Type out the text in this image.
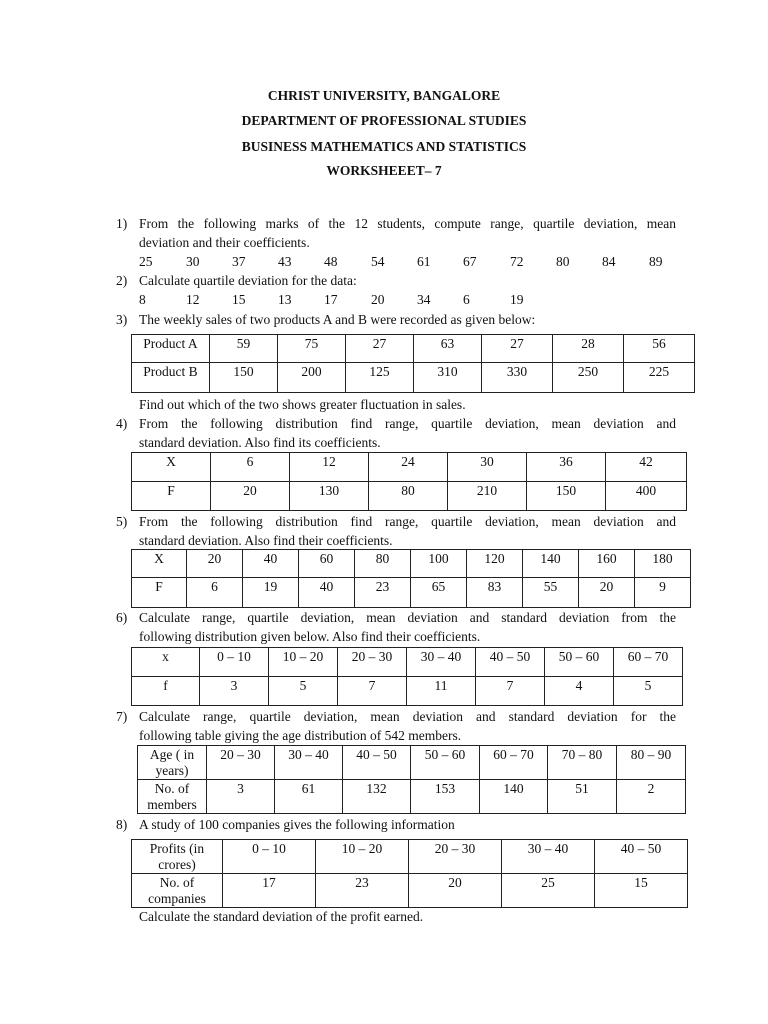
CHRIST UNIVERSITY, BANGALORE
DEPARTMENT OF PROFESSIONAL STUDIES
BUSINESS MATHEMATICS AND STATISTICS
WORKSHEEET– 7
1) From the following marks of the 12 students, compute range, quartile deviation, mean
deviation and their coefficients.
25 30 37 43 48 54 61 67 72 80 84 89
2) Calculate quartile deviation for the data:
8	12 15 13 17 20 34 6	19
3) The weekly sales of two products A and B were recorded as given below:
Product A	59	75	27	63	27	28	56
Product B	150	200	125	310	330	250	225
Find out which of the two shows greater fluctuation in sales.
4) From the following distribution find range, quartile deviation, mean deviation and
standard deviation. Also find its coefficients.
X	6	12	24	30	36	42
F	20	130	80	210	150	400
5) From the following distribution find range, quartile deviation, mean deviation and
standard deviation. Also find their coefficients.
X	20	40	60	80	100	120	140	160	180
F	6	19	40	23	65	83	55	20	9
6) Calculate range, quartile deviation, mean deviation and standard deviation from the
following distribution given below. Also find their coefficients.
x	0 – 10	10 – 20	20 – 30	30 – 40	40 – 50	50 – 60	60 – 70
f	3	5	7	11	7	4	5
7) Calculate range, quartile deviation, mean deviation and standard deviation for the
following table giving the age distribution of 542 members.
Age ( in years)	20 – 30	30 – 40	40 – 50	50 – 60	60 – 70	70 – 80	80 – 90
No. of members	3	61	132	153	140	51	2
8) A study of 100 companies gives the following information
Profits (in crores)	0 – 10	10 – 20	20 – 30	30 – 40	40 – 50
No. of companies	17	23	20	25	15
Calculate the standard deviation of the profit earned.
